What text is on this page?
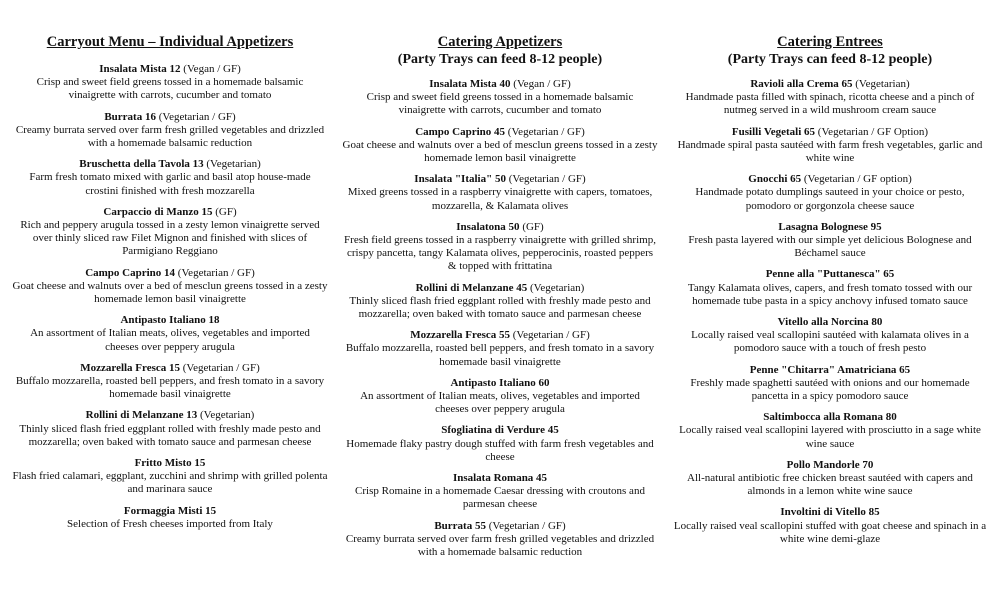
Carryout Menu – Individual Appetizers

Insalata Mista 12 (Vegan / GF)

Crisp and sweet field greens tossed in a homemade balsamic vinaigrette with carrots, cucumber and tomato

Burrata 16 (Vegetarian / GF)

Creamy burrata served over farm fresh grilled vegetables and drizzled with a homemade balsamic reduction

Bruschetta della Tavola 13 (Vegetarian)

Farm fresh tomato mixed with garlic and basil atop house-made crostini finished with fresh mozzarella

Carpaccio di Manzo 15 (GF)

Rich and peppery arugula tossed in a zesty lemon vinaigrette served over thinly sliced raw Filet Mignon and finished with slices of Parmigiano Reggiano

Campo Caprino 14 (Vegetarian / GF)

Goat cheese and walnuts over a bed of mesclun greens tossed in a zesty homemade lemon basil vinaigrette

Antipasto Italiano 18

An assortment of Italian meats, olives, vegetables and imported cheeses over peppery arugula

Mozzarella Fresca 15 (Vegetarian / GF)

Buffalo mozzarella, roasted bell peppers, and fresh tomato in a savory homemade basil vinaigrette

Rollini di Melanzane 13 (Vegetarian)

Thinly sliced flash fried eggplant rolled with freshly made pesto and mozzarella; oven baked with tomato sauce and parmesan cheese

Fritto Misto 15

Flash fried calamari, eggplant, zucchini and shrimp with grilled polenta and marinara sauce

Formaggia Misti 15

Selection of Fresh cheeses imported from Italy

Catering Appetizers

(Party Trays can feed 8-12 people)

Insalata Mista 40 (Vegan / GF)

Crisp and sweet field greens tossed in a homemade balsamic vinaigrette with carrots, cucumber and tomato

Campo Caprino 45 (Vegetarian / GF)

Goat cheese and walnuts over a bed of mesclun greens tossed in a zesty homemade lemon basil vinaigrette

Insalata "Italia" 50 (Vegetarian / GF)

Mixed greens tossed in a raspberry vinaigrette with capers, tomatoes, mozzarella, & Kalamata olives

Insalatona 50 (GF)

Fresh field greens tossed in a raspberry vinaigrette with grilled shrimp, crispy pancetta, tangy Kalamata olives, pepperocinis, roasted peppers & topped with frittatina

Rollini di Melanzane 45 (Vegetarian)

Thinly sliced flash fried eggplant rolled with freshly made pesto and mozzarella; oven baked with tomato sauce and parmesan cheese

Mozzarella Fresca 55 (Vegetarian / GF)

Buffalo mozzarella, roasted bell peppers, and fresh tomato in a savory homemade basil vinaigrette

Antipasto Italiano 60

An assortment of Italian meats, olives, vegetables and imported cheeses over peppery arugula

Sfogliatina di Verdure 45

Homemade flaky pastry dough stuffed with farm fresh vegetables and cheese

Insalata Romana 45

Crisp Romaine in a homemade Caesar dressing with croutons and parmesan cheese

Burrata 55 (Vegetarian / GF)

Creamy burrata served over farm fresh grilled vegetables and drizzled with a homemade balsamic reduction

Catering Entrees

(Party Trays can feed 8-12 people)

Ravioli alla Crema 65 (Vegetarian)

Handmade pasta filled with spinach, ricotta cheese and a pinch of nutmeg served in a wild mushroom cream sauce

Fusilli Vegetali 65 (Vegetarian / GF Option)

Handmade spiral pasta sautéed with farm fresh vegetables, garlic and white wine

Gnocchi 65 (Vegetarian / GF option)

Handmade potato dumplings sauteed in your choice or pesto, pomodoro or gorgonzola cheese sauce

Lasagna Bolognese 95

Fresh pasta layered with our simple yet delicious Bolognese and Béchamel sauce

Penne alla "Puttanesca" 65

Tangy Kalamata olives, capers, and fresh tomato tossed with our homemade tube pasta in a spicy anchovy infused tomato sauce

Vitello alla Norcina 80

Locally raised veal scallopini sautéed with kalamata olives in a pomodoro sauce with a touch of fresh pesto

Penne "Chitarra" Amatriciana 65

Freshly made spaghetti sautéed with onions and our homemade pancetta in a spicy pomodoro sauce

Saltimbocca alla Romana 80

Locally raised veal scallopini layered with prosciutto in a sage white wine sauce

Pollo Mandorle 70

All-natural antibiotic free chicken breast sautéed with capers and almonds in a lemon white wine sauce

Involtini di Vitello 85

Locally raised veal scallopini stuffed with goat cheese and spinach in a white wine demi-glaze
